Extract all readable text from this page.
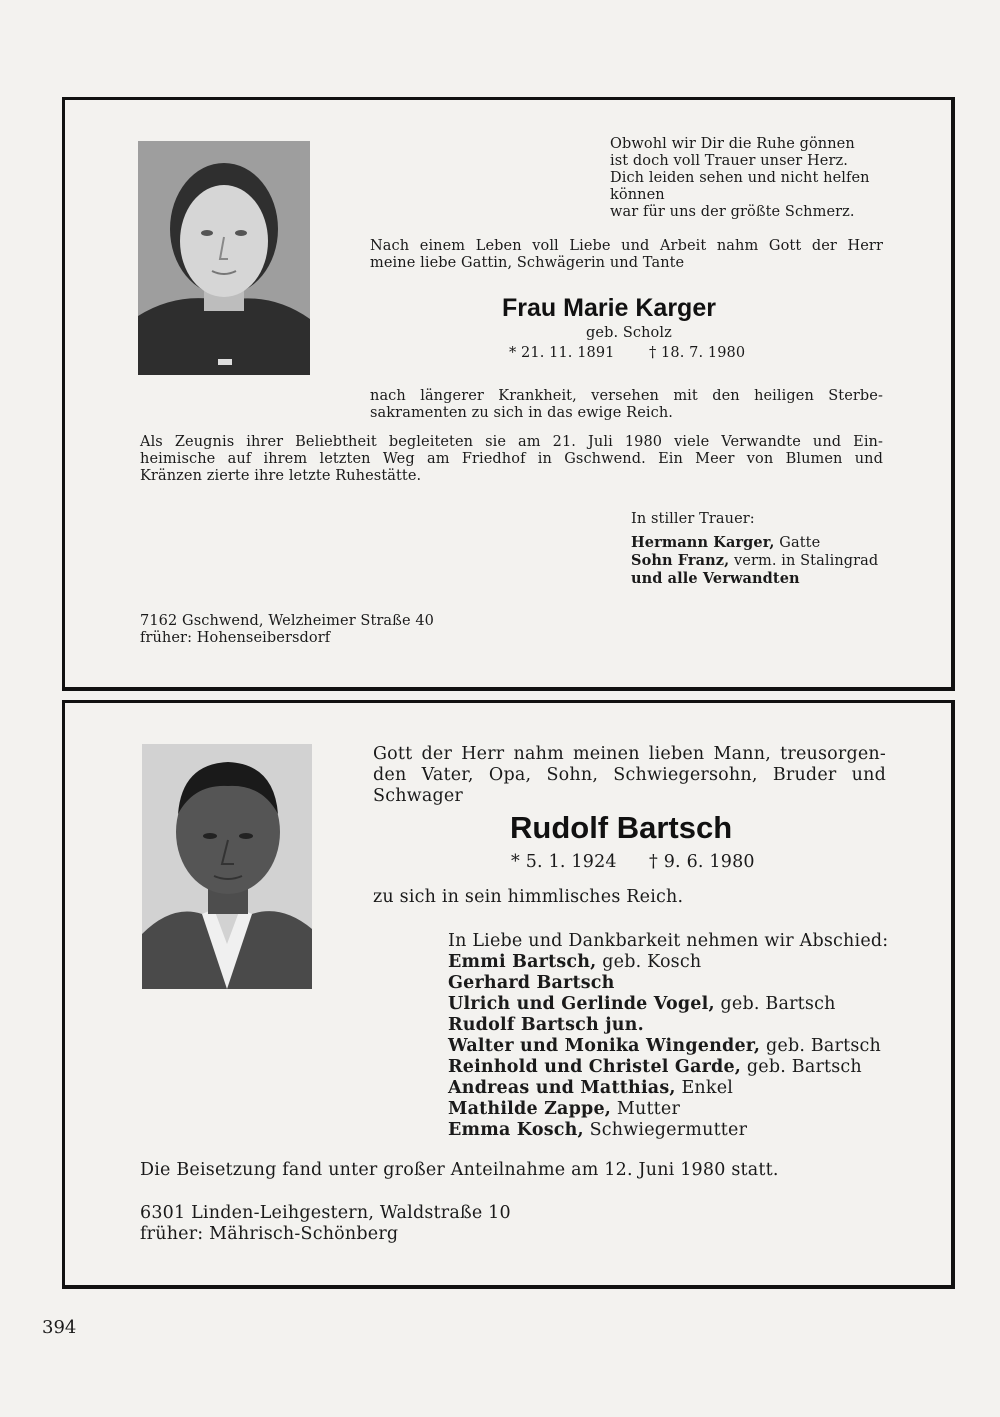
Obwohl wir Dir die Ruhe gönnen
ist doch voll Trauer unser Herz.
Dich leiden sehen und nicht helfen
können
war für uns der größte Schmerz.
Nach einem Leben voll Liebe und Arbeit nahm Gott der Herr
meine liebe Gattin, Schwägerin und Tante
Frau Marie Karger
geb. Scholz
* 21. 11. 1891 † 18. 7. 1980
nach längerer Krankheit, versehen mit den heiligen Sterbe-
sakramenten zu sich in das ewige Reich.
Als Zeugnis ihrer Beliebtheit begleiteten sie am 21. Juli 1980 viele Verwandte und Ein-
heimische auf ihrem letzten Weg am Friedhof in Gschwend. Ein Meer von Blumen und
Kränzen zierte ihre letzte Ruhestätte.
In stiller Trauer:
Hermann Karger, Gatte
Sohn Franz, verm. in Stalingrad
und alle Verwandten
7162 Gschwend, Welzheimer Straße 40
früher: Hohenseibersdorf
Gott der Herr nahm meinen lieben Mann, treusorgen-
den Vater, Opa, Sohn, Schwiegersohn, Bruder und
Schwager
Rudolf Bartsch
* 5. 1. 1924 † 9. 6. 1980
zu sich in sein himmlisches Reich.
In Liebe und Dankbarkeit nehmen wir Abschied:
Emmi Bartsch, geb. Kosch
Gerhard Bartsch
Ulrich und Gerlinde Vogel, geb. Bartsch
Rudolf Bartsch jun.
Walter und Monika Wingender, geb. Bartsch
Reinhold und Christel Garde, geb. Bartsch
Andreas und Matthias, Enkel
Mathilde Zappe, Mutter
Emma Kosch, Schwiegermutter
Die Beisetzung fand unter großer Anteilnahme am 12. Juni 1980 statt.
6301 Linden-Leihgestern, Waldstraße 10
früher: Mährisch-Schönberg
394
